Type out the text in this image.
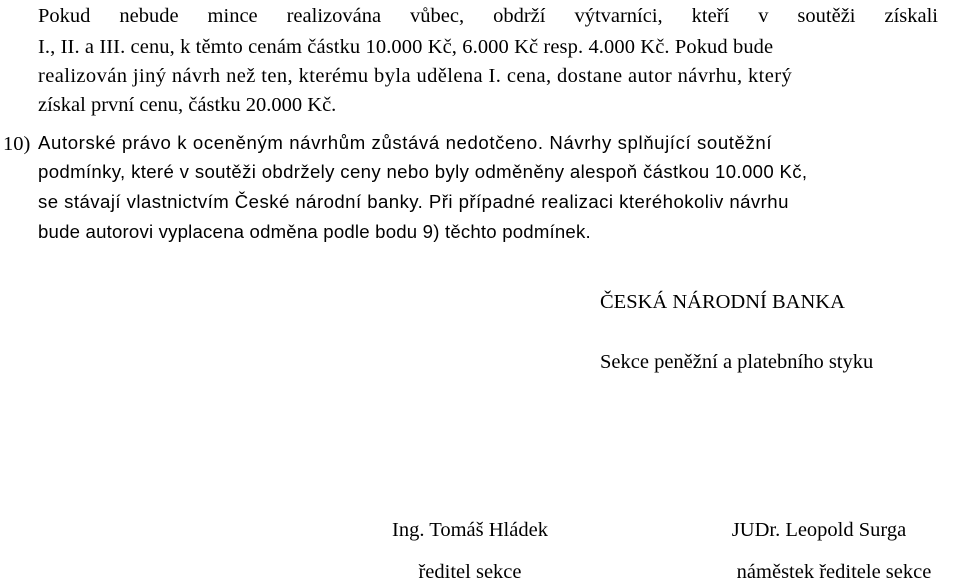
Pokud nebude mince realizována vůbec, obdrží výtvarníci, kteří v soutěži získali
I., II. a III. cenu, k těmto cenám částku 10.000 Kč, 6.000 Kč resp. 4.000 Kč. Pokud bude
realizován jiný návrh než ten, kterému byla udělena I. cena, dostane autor návrhu, který
získal první cenu, částku 20.000 Kč.
10) Autorské právo k oceněným návrhům zůstává nedotčeno. Návrhy splňující soutěžní
podmínky, které v soutěži obdržely ceny nebo byly odměněny alespoň částkou 10.000 Kč,
se stávají vlastnictvím České národní banky. Při případné realizaci kteréhokoliv návrhu
bude autorovi vyplacena odměna podle bodu 9) těchto podmínek.
ČESKÁ NÁRODNÍ BANKA
Sekce peněžní a platebního styku
Ing. Tomáš Hládek
ředitel sekce
JUDr. Leopold Surga
náměstek ředitele sekce
